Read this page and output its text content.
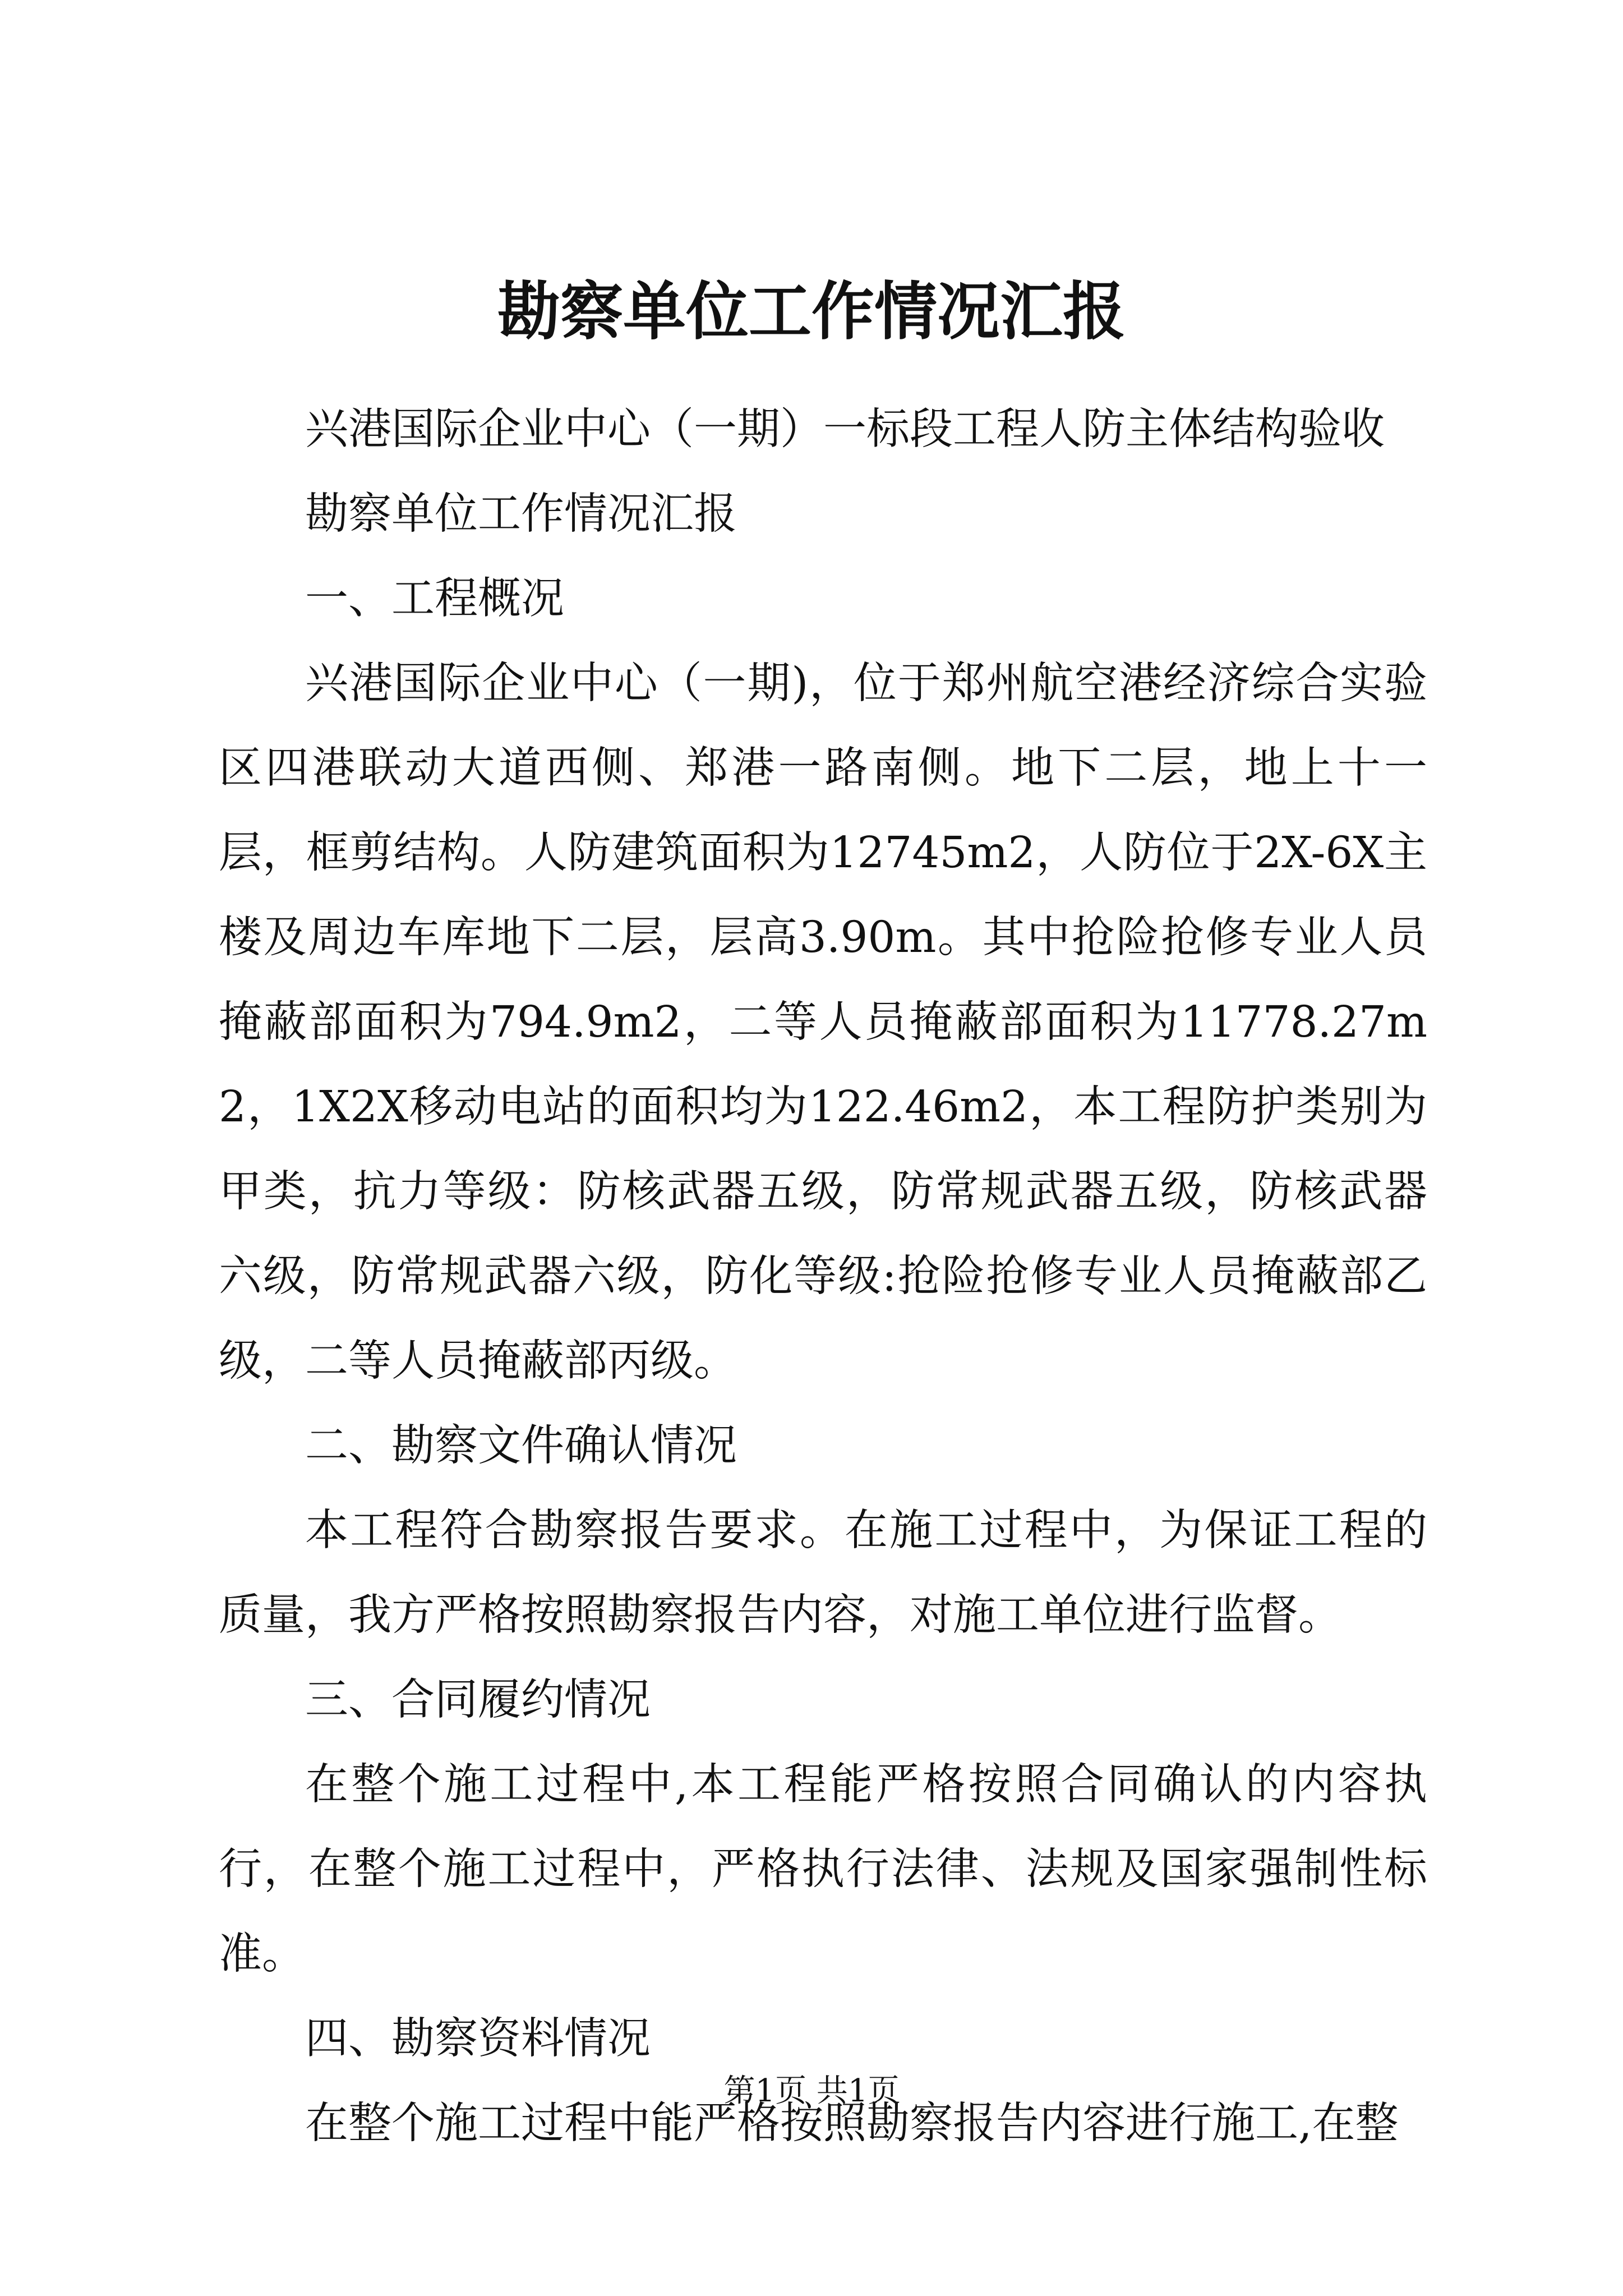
勘察单位工作情况汇报

兴港国际企业中心（一期）一标段工程人防主体结构验收

勘察单位工作情况汇报

一、工程概况

兴港国际企业中心（一期)，位于郑州航空港经济综合实验区四港联动大道西侧、郑港一路南侧。地下二层，地上十一层，框剪结构。人防建筑面积为12745m2，人防位于2X-6X主楼及周边车库地下二层，层高3.90m。其中抢险抢修专业人员掩蔽部面积为794.9m2，二等人员掩蔽部面积为11778.27m2，1X2X移动电站的面积均为122.46m2，本工程防护类别为甲类，抗力等级：防核武器五级，防常规武器五级，防核武器六级，防常规武器六级，防化等级:抢险抢修专业人员掩蔽部乙级，二等人员掩蔽部丙级。

二、勘察文件确认情况

本工程符合勘察报告要求。在施工过程中，为保证工程的质量，我方严格按照勘察报告内容，对施工单位进行监督。

三、合同履约情况

在整个施工过程中,本工程能严格按照合同确认的内容执行，在整个施工过程中，严格执行法律、法规及国家强制性标准。

四、勘察资料情况

在整个施工过程中能严格按照勘察报告内容进行施工,在整

第1页 共1页
